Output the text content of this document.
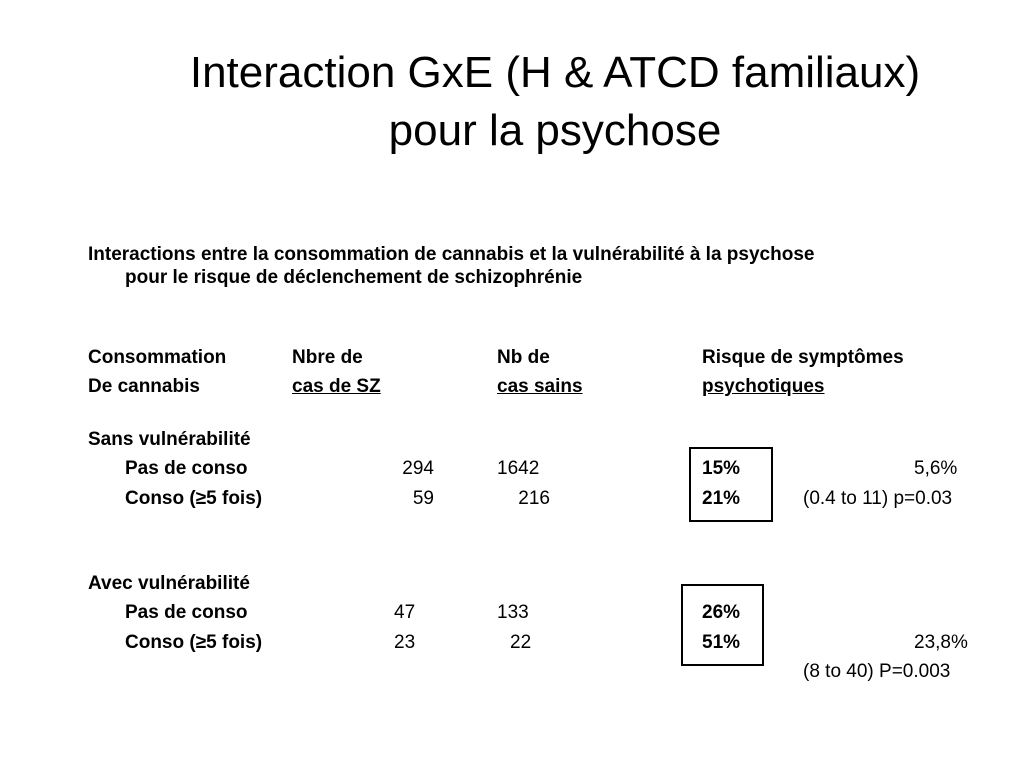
Interaction GxE (H & ATCD familiaux)
pour la psychose
Interactions entre la consommation de cannabis et la vulnérabilité à la psychose
pour le risque de déclenchement de schizophrénie
Consommation
De cannabis
Nbre de
cas de SZ
Nb de
cas sains
Risque de symptômes
psychotiques
Sans vulnérabilité
Pas de conso	294	1642	15%	5,6%
Conso (≥5 fois)	59	216	21%	(0.4 to 11) p=0.03
Avec vulnérabilité
Pas de conso	47	133	26%
Conso (≥5 fois)	23	22	51%	23,8%
(8 to 40) P=0.003
